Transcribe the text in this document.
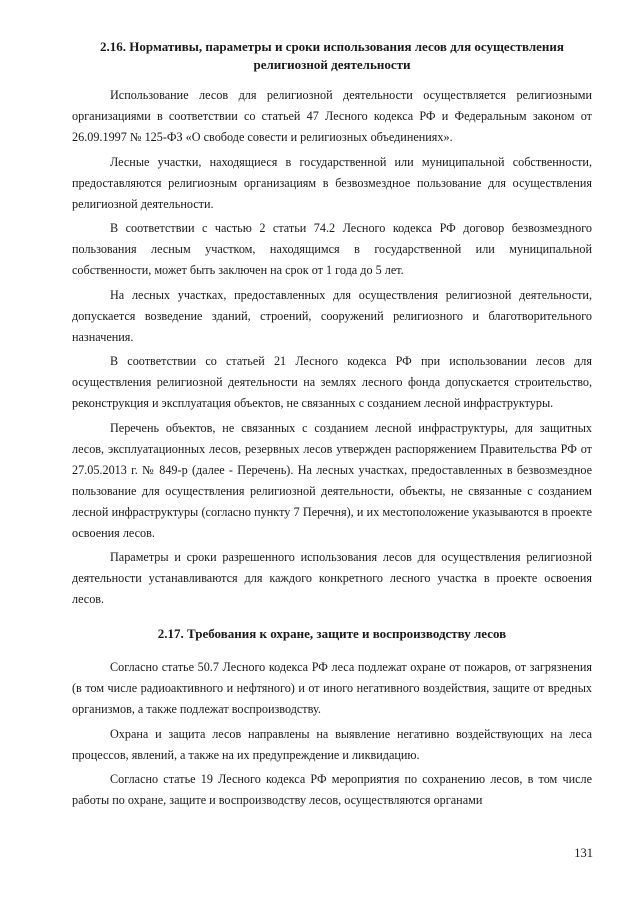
2.16. Нормативы, параметры и сроки использования лесов для осуществления религиозной деятельности

Использование лесов для религиозной деятельности осуществляется религиозными организациями в соответствии со статьей 47 Лесного кодекса РФ и Федеральным законом от 26.09.1997 № 125-ФЗ «О свободе совести и религиозных объединениях».

Лесные участки, находящиеся в государственной или муниципальной собственности, предоставляются религиозным организациям в безвозмездное пользование для осуществления религиозной деятельности.

В соответствии с частью 2 статьи 74.2 Лесного кодекса РФ договор безвозмездного пользования лесным участком, находящимся в государственной или муниципальной собственности, может быть заключен на срок от 1 года до 5 лет.

На лесных участках, предоставленных для осуществления религиозной деятельности, допускается возведение зданий, строений, сооружений религиозного и благотворительного назначения.

В соответствии со статьей 21 Лесного кодекса РФ при использовании лесов для осуществления религиозной деятельности на землях лесного фонда допускается строительство, реконструкция и эксплуатация объектов, не связанных с созданием лесной инфраструктуры.

Перечень объектов, не связанных с созданием лесной инфраструктуры, для защитных лесов, эксплуатационных лесов, резервных лесов утвержден распоряжением Правительства РФ от 27.05.2013 г. № 849-р (далее - Перечень). На лесных участках, предоставленных в безвозмездное пользование для осуществления религиозной деятельности, объекты, не связанные с созданием лесной инфраструктуры (согласно пункту 7 Перечня), и их местоположение указываются в проекте освоения лесов.

Параметры и сроки разрешенного использования лесов для осуществления религиозной деятельности устанавливаются для каждого конкретного лесного участка в проекте освоения лесов.

2.17. Требования к охране, защите и воспроизводству лесов

Согласно статье 50.7 Лесного кодекса РФ леса подлежат охране от пожаров, от загрязнения (в том числе радиоактивного и нефтяного) и от иного негативного воздействия, защите от вредных организмов, а также подлежат воспроизводству.

Охрана и защита лесов направлены на выявление негативно воздействующих на леса процессов, явлений, а также на их предупреждение и ликвидацию.

Согласно статье 19 Лесного кодекса РФ мероприятия по сохранению лесов, в том числе работы по охране, защите и воспроизводству лесов, осуществляются органами

131
